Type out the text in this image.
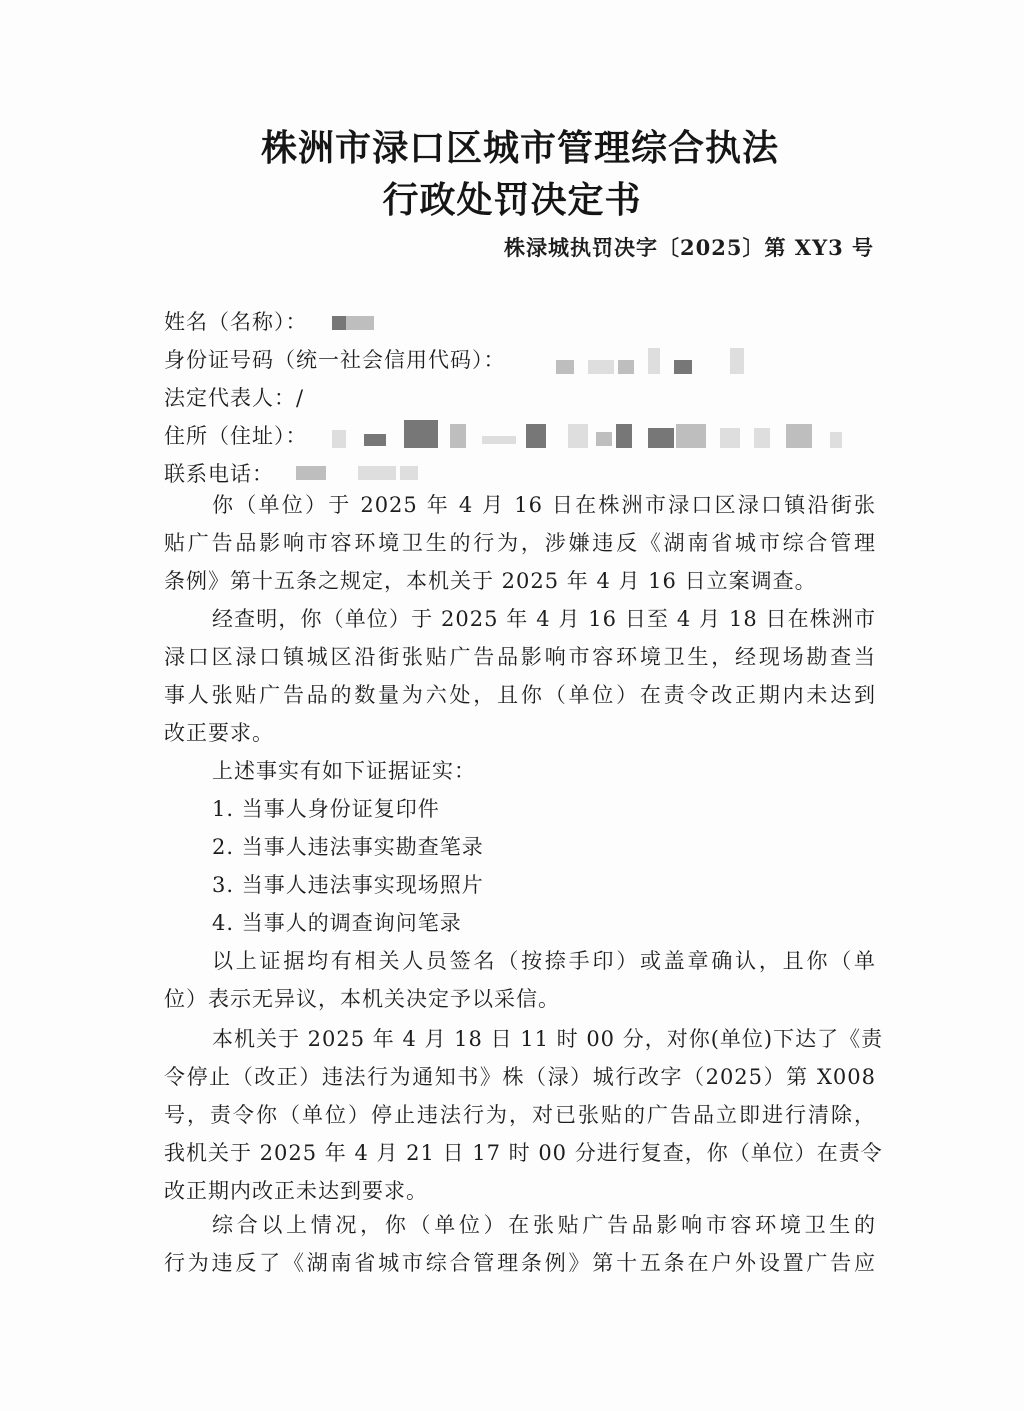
株洲市渌口区城市管理综合执法
行政处罚决定书
株渌城执罚决字〔2025〕第 XY3 号
姓名（名称）：
身份证号码（统一社会信用代码）：
法定代表人：/
住所（住址）：
联系电话：

你（单位）于 2025 年 4 月 16 日在株洲市渌口区渌口镇沿街张

贴广告品影响市容环境卫生的行为，涉嫌违反《湖南省城市综合管理

条例》第十五条之规定，本机关于 2025 年 4 月 16 日立案调查。

经查明，你（单位）于 2025 年 4 月 16 日至 4 月 18 日在株洲市

渌口区渌口镇城区沿街张贴广告品影响市容环境卫生，经现场勘查当

事人张贴广告品的数量为六处，且你（单位）在责令改正期内未达到

改正要求。

上述事实有如下证据证实：
1. 当事人身份证复印件
2. 当事人违法事实勘查笔录
3. 当事人违法事实现场照片
4. 当事人的调查询问笔录

以上证据均有相关人员签名（按捺手印）或盖章确认，且你（单

位）表示无异议，本机关决定予以采信。

本机关于 2025 年 4 月 18 日 11 时 00 分，对你(单位)下达了《责

令停止（改正）违法行为通知书》株（渌）城行改字（2025）第 X008

号，责令你（单位）停止违法行为，对已张贴的广告品立即进行清除，

我机关于 2025 年 4 月 21 日 17 时 00 分进行复查，你（单位）在责令

改正期内改正未达到要求。

综合以上情况，你（单位）在张贴广告品影响市容环境卫生的

行为违反了《湖南省城市综合管理条例》第十五条在户外设置广告应
